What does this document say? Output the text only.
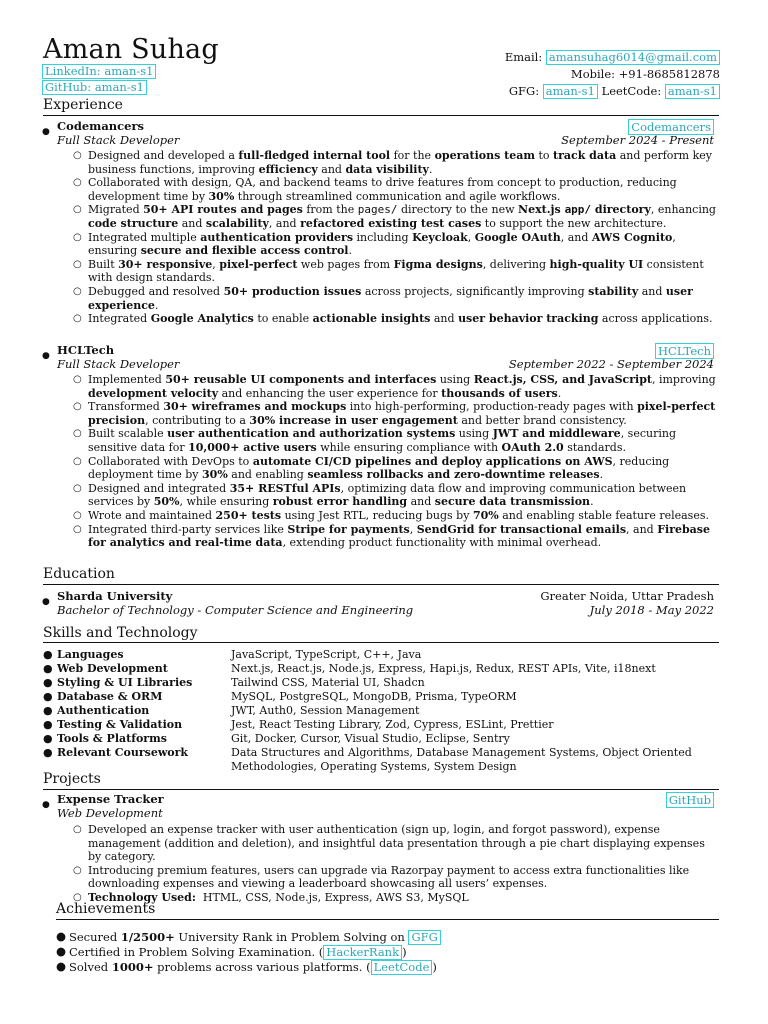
Aman Suhag
LinkedIn: aman-s1
GitHub: aman-s1
Email: amansuhag6014@gmail.com
Mobile: +91-8685812878
GFG: aman-s1 LeetCode: aman-s1
Experience
● Codemancers
Full Stack Developer
Codemancers
September 2024 - Present
○ Designed and developed a full-fledged internal tool for the operations team to track data and perform key business functions, improving efficiency and data visibility.
○ Collaborated with design, QA, and backend teams to drive features from concept to production, reducing development time by 30% through streamlined communication and agile workflows.
○ Migrated 50+ API routes and pages from the pages/ directory to the new Next.js app/ directory, enhancing code structure and scalability, and refactored existing test cases to support the new architecture.
○ Integrated multiple authentication providers including Keycloak, Google OAuth, and AWS Cognito, ensuring secure and flexible access control.
○ Built 30+ responsive, pixel-perfect web pages from Figma designs, delivering high-quality UI consistent with design standards.
○ Debugged and resolved 50+ production issues across projects, significantly improving stability and user experience.
○ Integrated Google Analytics to enable actionable insights and user behavior tracking across applications.
● HCLTech
Full Stack Developer
HCLTech
September 2022 - September 2024
○ Implemented 50+ reusable UI components and interfaces using React.js, CSS, and JavaScript, improving development velocity and enhancing the user experience for thousands of users.
○ Transformed 30+ wireframes and mockups into high-performing, production-ready pages with pixel-perfect precision, contributing to a 30% increase in user engagement and better brand consistency.
○ Built scalable user authentication and authorization systems using JWT and middleware, securing sensitive data for 10,000+ active users while ensuring compliance with OAuth 2.0 standards.
○ Collaborated with DevOps to automate CI/CD pipelines and deploy applications on AWS, reducing deployment time by 30% and enabling seamless rollbacks and zero-downtime releases.
○ Designed and integrated 35+ RESTful APIs, optimizing data flow and improving communication between services by 50%, while ensuring robust error handling and secure data transmission.
○ Wrote and maintained 250+ tests using Jest RTL, reducing bugs by 70% and enabling stable feature releases.
○ Integrated third-party services like Stripe for payments, SendGrid for transactional emails, and Firebase for analytics and real-time data, extending product functionality with minimal overhead.
Education
● Sharda University
Bachelor of Technology - Computer Science and Engineering
Greater Noida, Uttar Pradesh
July 2018 - May 2022
Skills and Technology
● Languages	JavaScript, TypeScript, C++, Java
● Web Development	Next.js, React.js, Node.js, Express, Hapi.js, Redux, REST APIs, Vite, i18next
● Styling & UI Libraries	Tailwind CSS, Material UI, Shadcn
● Database & ORM	MySQL, PostgreSQL, MongoDB, Prisma, TypeORM
● Authentication	JWT, Auth0, Session Management
● Testing & Validation	Jest, React Testing Library, Zod, Cypress, ESLint, Prettier
● Tools & Platforms	Git, Docker, Cursor, Visual Studio, Eclipse, Sentry
● Relevant Coursework	Data Structures and Algorithms, Database Management Systems, Object Oriented Methodologies, Operating Systems, System Design
Projects
● Expense Tracker
Web Development
GitHub
○ Developed an expense tracker with user authentication (sign up, login, and forgot password), expense management (addition and deletion), and insightful data presentation through a pie chart displaying expenses by category.
○ Introducing premium features, users can upgrade via Razorpay payment to access extra functionalities like downloading expenses and viewing a leaderboard showcasing all users’ expenses.
○ Technology Used:  HTML, CSS, Node.js, Express, AWS S3, MySQL
Achievements
● Secured 1/2500+ University Rank in Problem Solving on GFG
● Certified in Problem Solving Examination. ( HackerRank )
● Solved 1000+ problems across various platforms. ( LeetCode )
